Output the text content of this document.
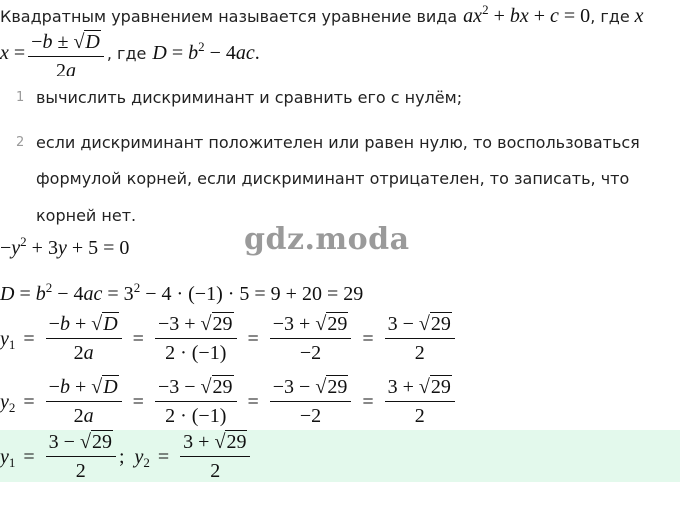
Квадратным уравнением называется уравнение вида $ax^2$ + bx + c = 0 , где x
$x = \frac{-b \pm √D}{2a}$ , где $D = b^2 - 4ac$.
1 вычислить дискриминант и сравнить его с нулём;
2 если дискриминант положителен или равен нулю, то воспользоваться
формулой корней, если дискриминант отрицателен, то записать, что
корней нет.
$-y^2 + 3y + 5 = 0$	gdz.moda
$D = b^2 - 4ac = 3^2 - 4 \cdot (-1) \cdot 5 = 9 + 20 = 29$
$y_1 = \frac{-b + √D}{2a} = \frac{-3 + √29}{2 \cdot (-1)} = \frac{-3 + √29}{-2} = \frac{3 - √29}{2}$
$y_2 = \frac{-b + √D}{2a} = \frac{-3 - √29}{2 \cdot (-1)} = \frac{-3 - √29}{-2} = \frac{3 + √29}{2}$
$y_1 = \frac{3 - √29}{2}$ ;  $y_2 = \frac{3 + √29}{2}$
